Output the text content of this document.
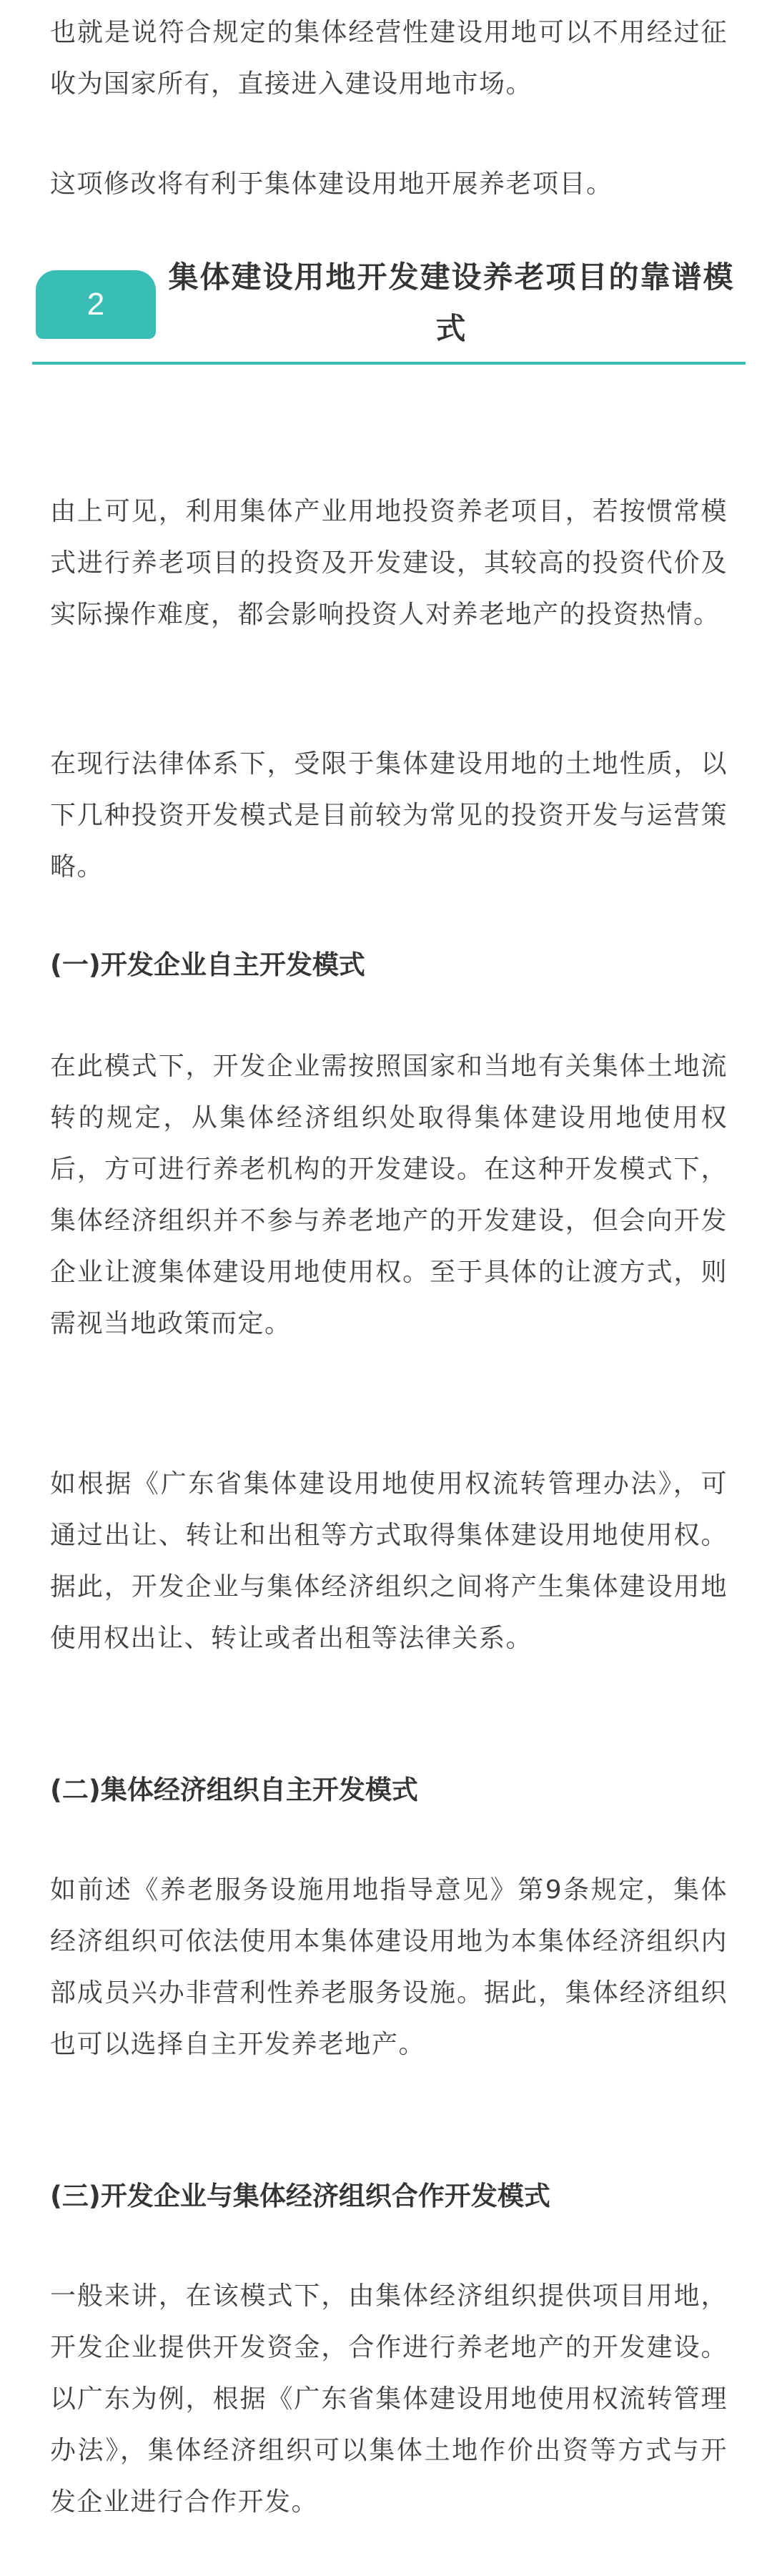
也就是说符合规定的集体经营性建设用地可以不用经过征收为国家所有，直接进入建设用地市场。

这项修改将有利于集体建设用地开展养老项目。

2
集体建设用地开发建设养老项目的靠谱模式

由上可见，利用集体产业用地投资养老项目，若按惯常模式进行养老项目的投资及开发建设，其较高的投资代价及实际操作难度，都会影响投资人对养老地产的投资热情。

在现行法律体系下，受限于集体建设用地的土地性质，以下几种投资开发模式是目前较为常见的投资开发与运营策略。

(一)开发企业自主开发模式

在此模式下，开发企业需按照国家和当地有关集体土地流转的规定，从集体经济组织处取得集体建设用地使用权后，方可进行养老机构的开发建设。在这种开发模式下，集体经济组织并不参与养老地产的开发建设，但会向开发企业让渡集体建设用地使用权。至于具体的让渡方式，则需视当地政策而定。

如根据《广东省集体建设用地使用权流转管理办法》，可通过出让、转让和出租等方式取得集体建设用地使用权。据此，开发企业与集体经济组织之间将产生集体建设用地使用权出让、转让或者出租等法律关系。

(二)集体经济组织自主开发模式

如前述《养老服务设施用地指导意见》第9条规定，集体经济组织可依法使用本集体建设用地为本集体经济组织内部成员兴办非营利性养老服务设施。据此，集体经济组织也可以选择自主开发养老地产。

(三)开发企业与集体经济组织合作开发模式

一般来讲，在该模式下，由集体经济组织提供项目用地，开发企业提供开发资金，合作进行养老地产的开发建设。以广东为例，根据《广东省集体建设用地使用权流转管理办法》，集体经济组织可以集体土地作价出资等方式与开发企业进行合作开发。
